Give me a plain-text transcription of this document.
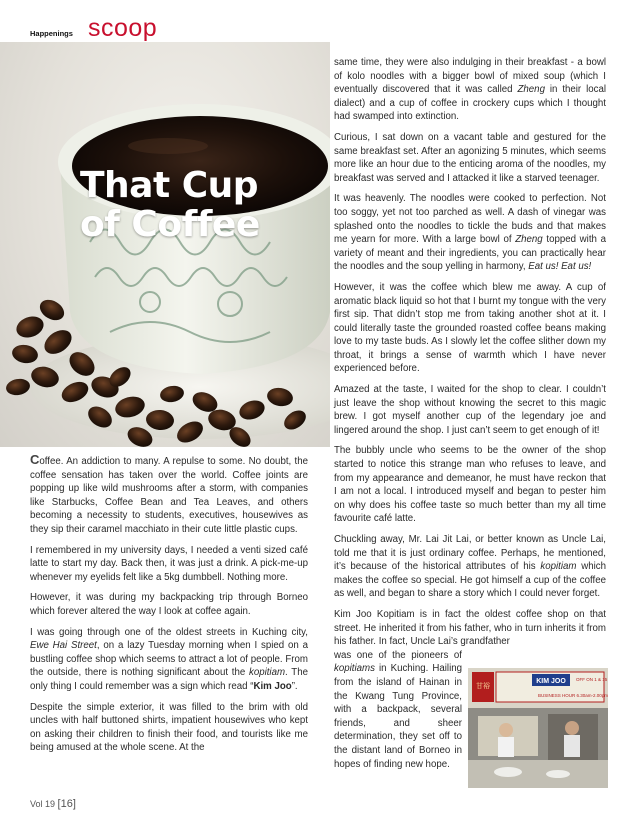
Happenings scoop
That Cup
of Coffee

Coffee. An addiction to many. A repulse to some. No doubt, the coffee sensation has taken over the world. Coffee joints are popping up like wild mushrooms after a storm, with companies like Starbucks, Coffee Bean and Tea Leaves, and others becoming a necessity to students, executives, housewives as they sip their caramel macchiato in their cute little plastic cups.

I remembered in my university days, I needed a venti sized café latte to start my day. Back then, it was just a drink. A pick-me-up whenever my eyelids felt like a 5kg dumbbell. Nothing more.

However, it was during my backpacking trip through Borneo which forever altered the way I look at coffee again.

I was going through one of the oldest streets in Kuching city, Ewe Hai Street, on a lazy Tuesday morning when I spied on a bustling coffee shop which seems to attract a lot of people. From the outside, there is nothing significant about the kopitiam. The only thing I could remember was a sign which read “Kim Joo”.

Despite the simple exterior, it was filled to the brim with old uncles with half buttoned shirts, impatient housewives who kept on asking their children to finish their food, and tourists like me being amused at the whole scene. At the

same time, they were also indulging in their breakfast - a bowl of kolo noodles with a bigger bowl of mixed soup (which I eventually discovered that it was called Zheng in their local dialect) and a cup of coffee in crockery cups which I thought had swamped into extinction.

Curious, I sat down on a vacant table and gestured for the same breakfast set. After an agonizing 5 minutes, which seems more like an hour due to the enticing aroma of the noodles, my breakfast was served and I attacked it like a starved teenager.

It was heavenly. The noodles were cooked to perfection. Not too soggy, yet not too parched as well. A dash of vinegar was splashed onto the noodles to tickle the buds and that makes me yearn for more. With a large bowl of Zheng topped with a variety of meant and their ingredients, you can practically hear the noodles and the soup yelling in harmony, Eat us! Eat us!

However, it was the coffee which blew me away. A cup of aromatic black liquid so hot that I burnt my tongue with the very first sip. That didn’t stop me from taking another shot at it. I could literally taste the grounded roasted coffee beans making love to my taste buds. As I slowly let the coffee slither down my throat, it brings a sense of warmth which I have never experienced before.

Amazed at the taste, I waited for the shop to clear. I couldn’t just leave the shop without knowing the secret to this magic brew. I got myself another cup of the legendary joe and lingered around the shop. I just can’t seem to get enough of it!

The bubbly uncle who seems to be the owner of the shop started to notice this strange man who refuses to leave, and from my appearance and demeanor, he must have reckon that I am not a local. I introduced myself and began to pester him on why does his coffee taste so much better than my all time favourite café latte.

Chuckling away, Mr. Lai Jit Lai, or better known as Uncle Lai, told me that it is just ordinary coffee. Perhaps, he mentioned, it’s because of the historical attributes of his kopitiam which makes the coffee so special. He got himself a cup of the coffee as well, and began to share a story which I could never forget.

Kim Joo Kopitiam is in fact the oldest coffee shop on that street. He inherited it from his father, who in turn inherits it from his father. In fact, Uncle Lai’s grandfather

was one of the pioneers of kopitiams in Kuching. Hailing from the island of Hainan in the Kwang Tung Province, with a backpack, several friends, and sheer determination, they set off to the distant land of Borneo in hopes of finding new hope.

KIM JOO
甘裕
OFF ON 1 & 15
BUSINESS HOUR 6.30am-2.00pm
Vol 19 [16]
